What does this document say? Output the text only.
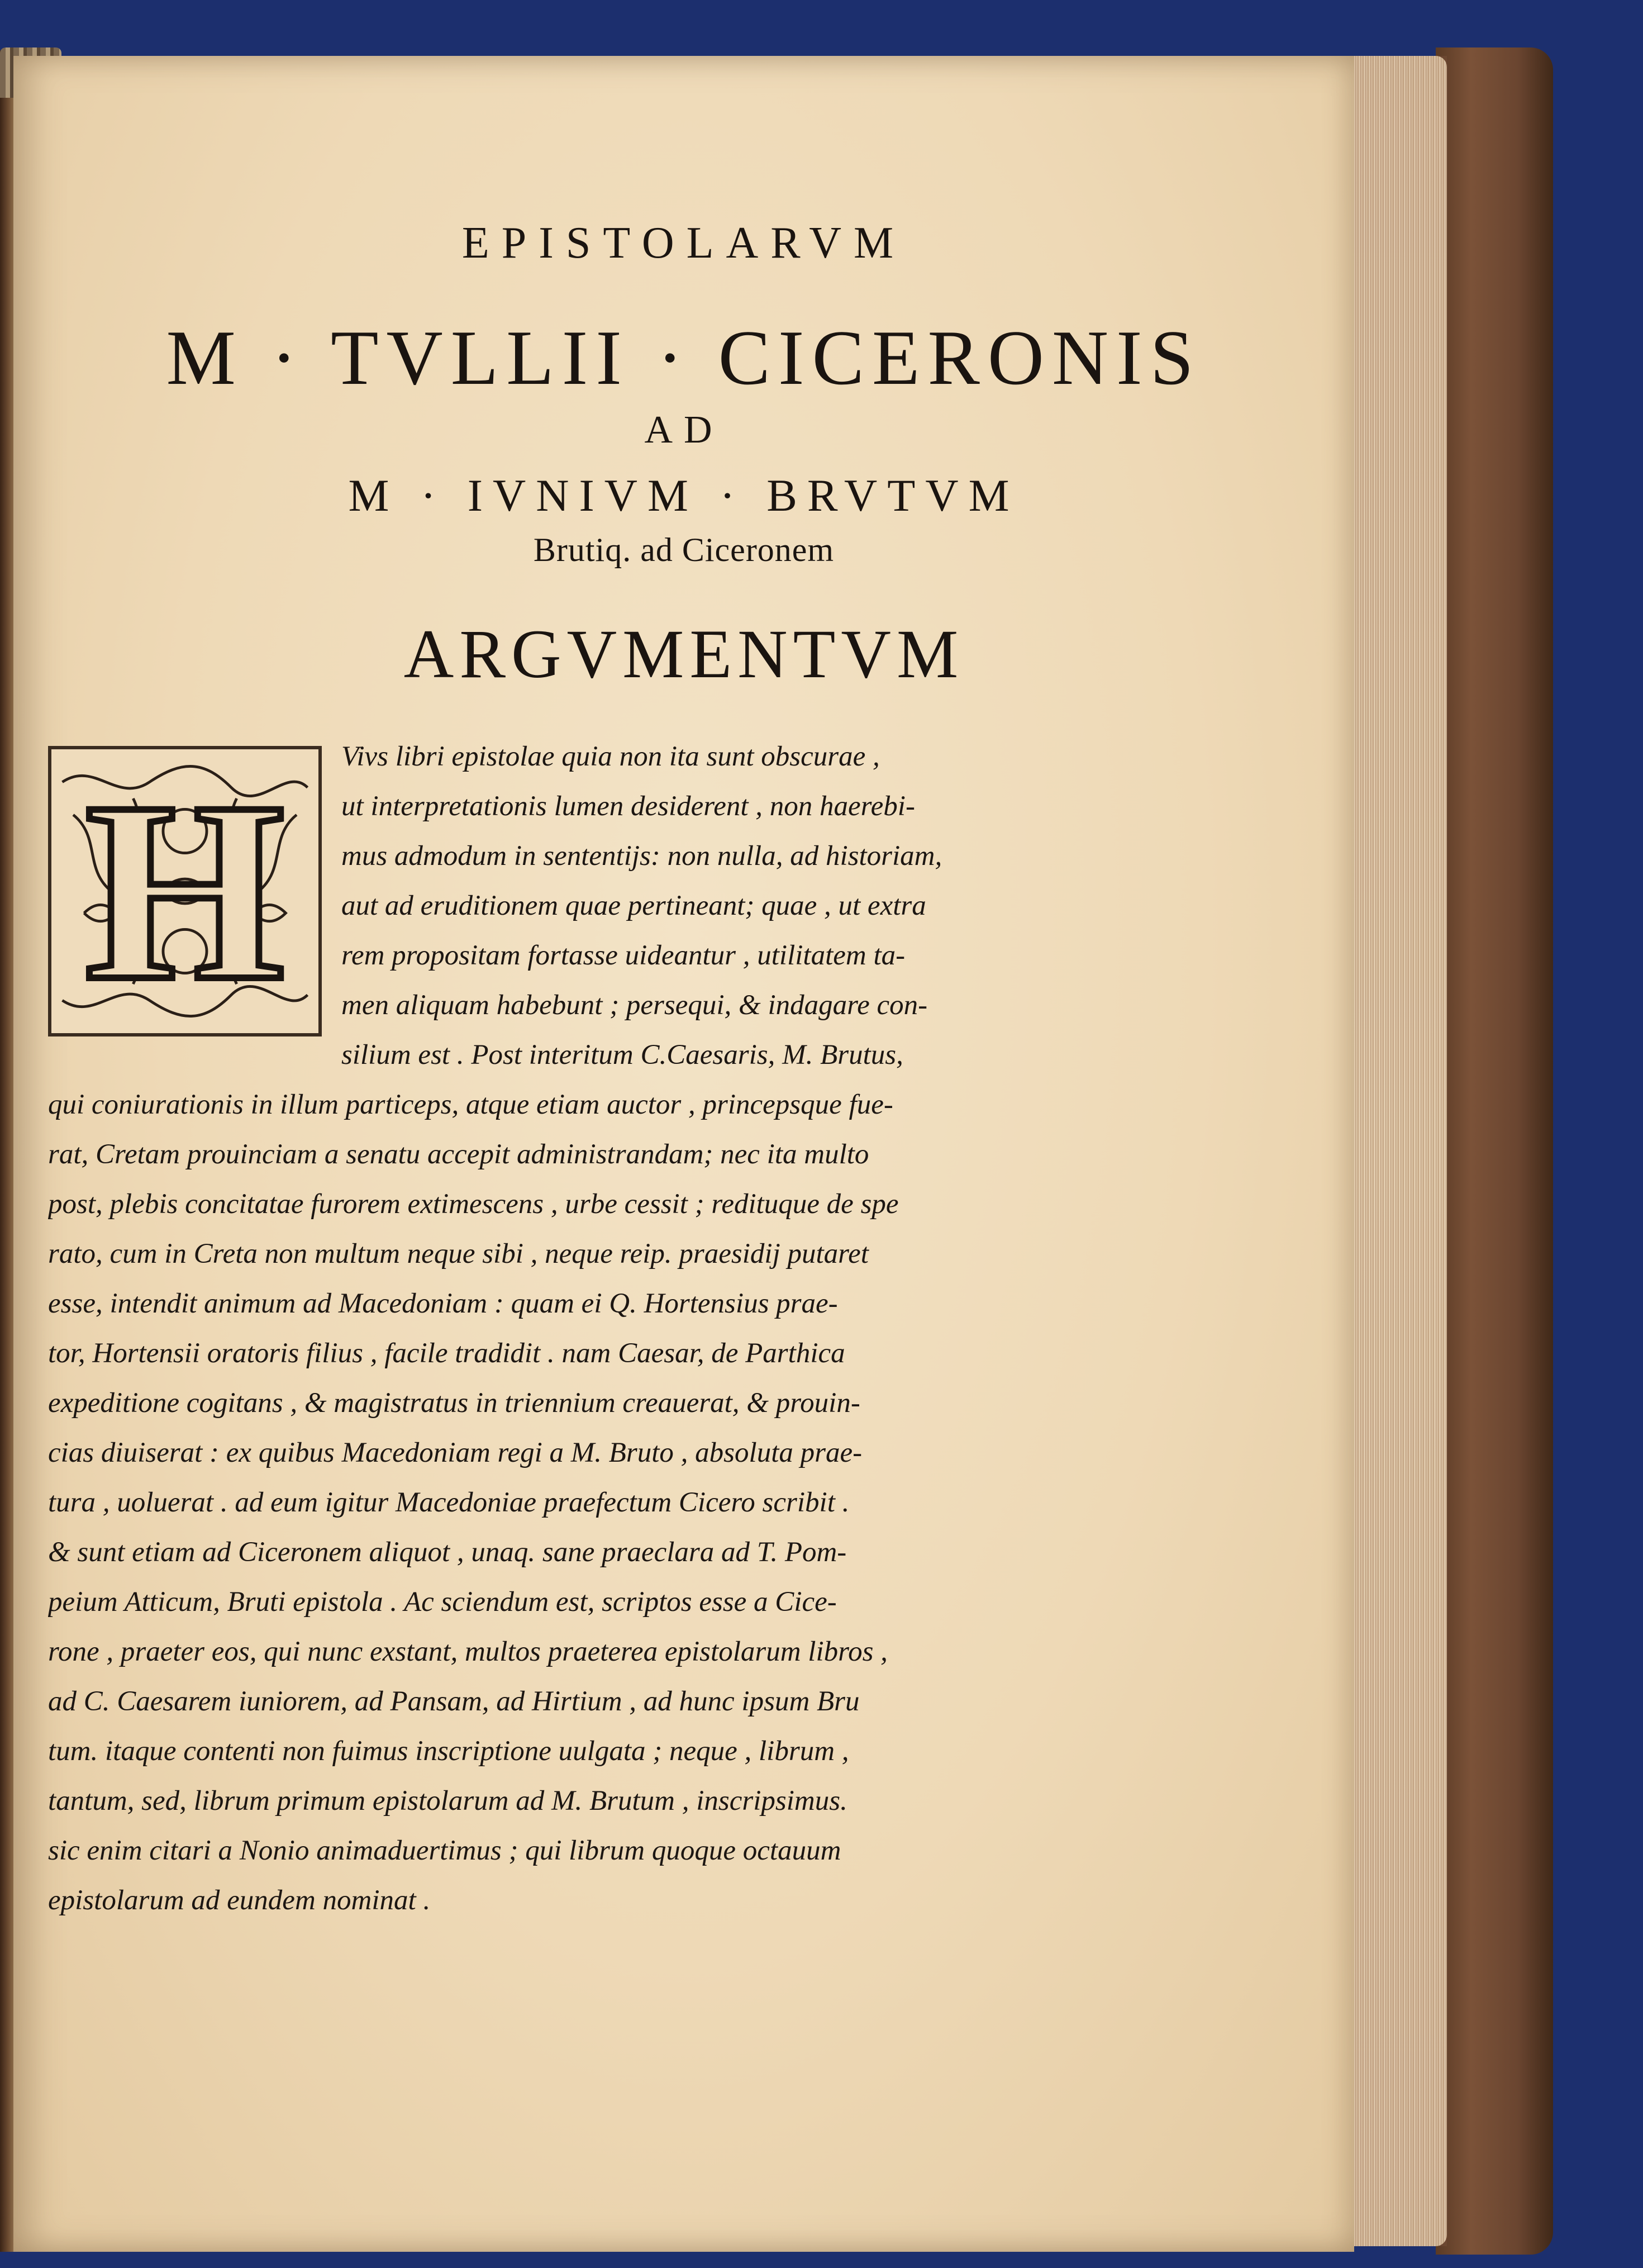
EPISTOLARVM
M · TVLLII · CICERONIS
AD
M · IVNIVM · BRVTVM
Brutiq. ad Ciceronem
ARGVMENTVM
H	Vivs libri epistolae quia non ita sunt obscurae ,
ut interpretationis lumen desiderent , non haerebi-
mus admodum in sententijs: non nulla, ad historiam,
aut ad eruditionem quae pertineant; quae , ut extra
rem propositam fortasse uideantur , utilitatem ta-
men aliquam habebunt ; persequi, & indagare con-
silium est . Post interitum C.Caesaris, M. Brutus,
qui coniurationis in illum particeps, atque etiam auctor , princepsque fue-
rat, Cretam prouinciam a senatu accepit administrandam; nec ita multo
post, plebis concitatae furorem extimescens , urbe cessit ; redituque de spe
rato, cum in Creta non multum neque sibi , neque reip. praesidij putaret
esse, intendit animum ad Macedoniam : quam ei Q. Hortensius prae-
tor, Hortensii oratoris filius , facile tradidit . nam Caesar, de Parthica
expeditione cogitans , & magistratus in triennium creauerat, & prouin-
cias diuiserat : ex quibus Macedoniam regi a M. Bruto , absoluta prae-
tura , uoluerat . ad eum igitur Macedoniae praefectum Cicero scribit .
& sunt etiam ad Ciceronem aliquot , unaq. sane praeclara ad T. Pom-
peium Atticum, Bruti epistola . Ac sciendum est, scriptos esse a Cice-
rone , praeter eos, qui nunc exstant, multos praeterea epistolarum libros ,
ad C. Caesarem iuniorem, ad Pansam, ad Hirtium , ad hunc ipsum Bru
tum. itaque contenti non fuimus inscriptione uulgata ; neque , librum ,
tantum, sed, librum primum epistolarum ad M. Brutum , inscripsimus.
sic enim citari a Nonio animaduertimus ; qui librum quoque octauum
epistolarum ad eundem nominat .
